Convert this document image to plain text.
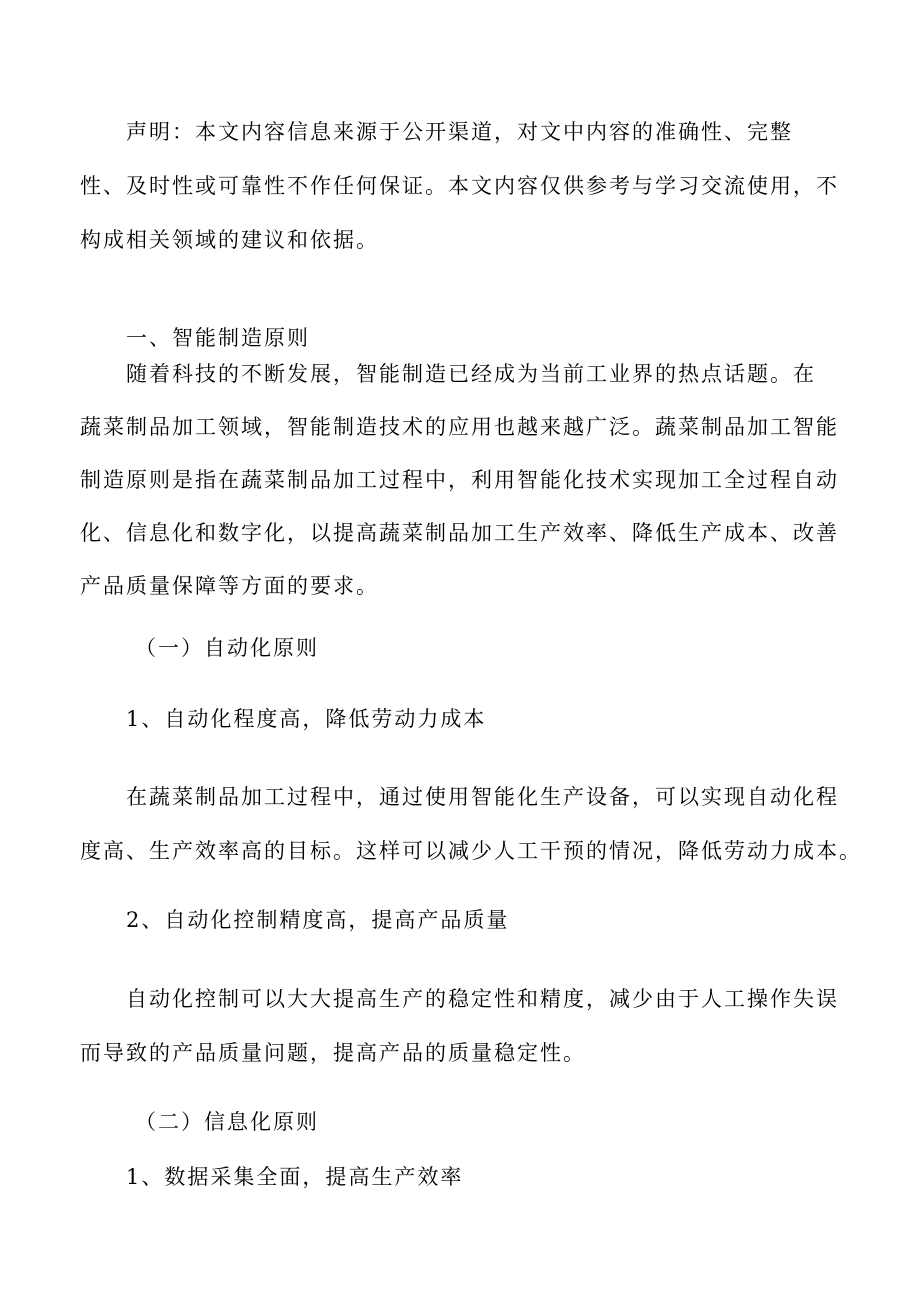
声明：本文内容信息来源于公开渠道，对文中内容的准确性、完整
性、及时性或可靠性不作任何保证。本文内容仅供参考与学习交流使用，不
构成相关领域的建议和依据。
一、智能制造原则
随着科技的不断发展，智能制造已经成为当前工业界的热点话题。在
蔬菜制品加工领域，智能制造技术的应用也越来越广泛。蔬菜制品加工智能
制造原则是指在蔬菜制品加工过程中，利用智能化技术实现加工全过程自动
化、信息化和数字化，以提高蔬菜制品加工生产效率、降低生产成本、改善
产品质量保障等方面的要求。
（一）自动化原则
1、自动化程度高，降低劳动力成本
在蔬菜制品加工过程中，通过使用智能化生产设备，可以实现自动化程
度高、生产效率高的目标。这样可以减少人工干预的情况，降低劳动力成本。
2、自动化控制精度高，提高产品质量
自动化控制可以大大提高生产的稳定性和精度，减少由于人工操作失误
而导致的产品质量问题，提高产品的质量稳定性。
（二）信息化原则
1、数据采集全面，提高生产效率
